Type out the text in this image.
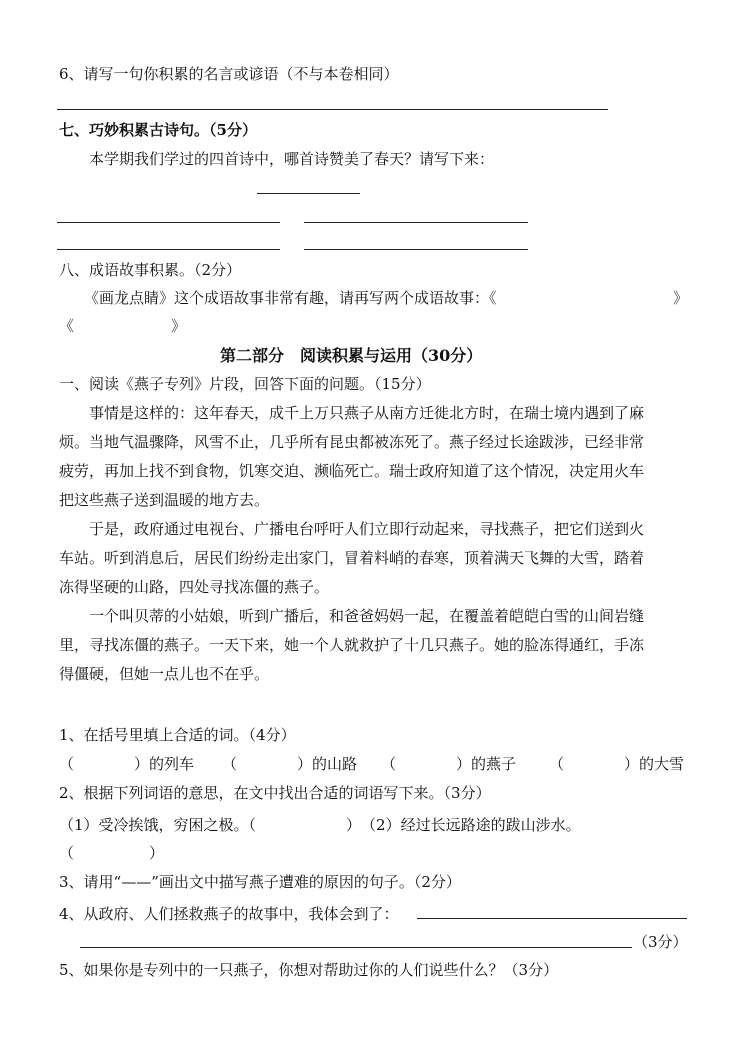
6、请写一句你积累的名言或谚语（不与本卷相同）
七、巧妙积累古诗句。（5分）
本学期我们学过的四首诗中，哪首诗赞美了春天？请写下来：
八、成语故事积累。（2分）
《画龙点睛》这个成语故事非常有趣，请再写两个成语故事：《	》
《	》
第二部分　阅读积累与运用（30分）
一、阅读《燕子专列》片段，回答下面的问题。（15分）
事情是这样的：这年春天，成千上万只燕子从南方迁徙北方时，在瑞士境内遇到了麻
烦。当地气温骤降，风雪不止，几乎所有昆虫都被冻死了。燕子经过长途跋涉，已经非常
疲劳，再加上找不到食物，饥寒交迫、濒临死亡。瑞士政府知道了这个情况，决定用火车
把这些燕子送到温暖的地方去。
于是，政府通过电视台、广播电台呼吁人们立即行动起来，寻找燕子，把它们送到火
车站。听到消息后，居民们纷纷走出家门，冒着料峭的春寒，顶着满天飞舞的大雪，踏着
冻得坚硬的山路，四处寻找冻僵的燕子。
一个叫贝蒂的小姑娘，听到广播后，和爸爸妈妈一起，在覆盖着皑皑白雪的山间岩缝
里，寻找冻僵的燕子。一天下来，她一个人就救护了十几只燕子。她的脸冻得通红，手冻
得僵硬，但她一点儿也不在乎。
1、在括号里填上合适的词。（4分）
（　　　　）的列车 （　　　　）的山路 （　　　　）的燕子 （　　　　）的大雪
2、根据下列词语的意思，在文中找出合适的词语写下来。（3分）
（1）受冷挨饿，穷困之极。（　　　　　　）　（2）经过长远路途的跋山涉水。
（　　　　　）
3、请用“——”画出文中描写燕子遭难的原因的句子。（2分）
4、从政府、人们拯救燕子的故事中，我体会到了：
（3分）
5、如果你是专列中的一只燕子，你想对帮助过你的人们说些什么？（3分）
